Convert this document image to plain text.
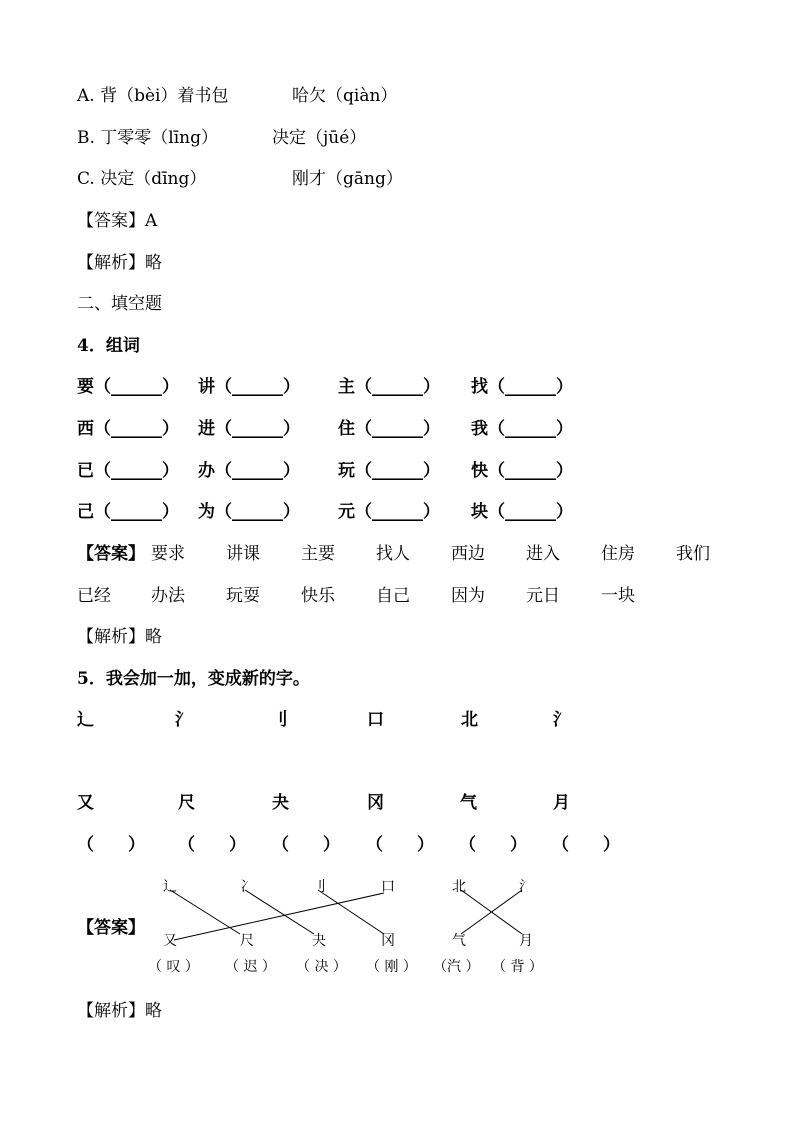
A. 背（bèi）着书包	哈欠（qiàn）
B. 丁零零（līng）	决定（jūé）
C. 决定（dīng）	刚才（gāng）
【答案】A
【解析】略
二、填空题
4．组词
要（______） 讲（______） 主（______） 找（______）
西（______） 进（______） 住（______） 我（______）
已（______） 办（______） 玩（______） 快（______）
己（______） 为（______） 元（______） 块（______）
【答案】 要求 讲课 主要 找人 西边 进入 住房 我们
已经 办法 玩耍 快乐 自己 因为 元日 一块
【解析】略
5．我会加一加，变成新的字。
辶	氵	刂	口	北	氵
又	尺	夬	冈	气	月
（　　） （　　） （　　） （　　） （　　） （　　）
【答案】
辶	冫	刂	口	北	氵
又	尺	夬	冈	气	月
（ 叹 ） （ 迟 ） （ 决 ） （ 刚 ） （汽 ） （ 背 ）
【解析】略
